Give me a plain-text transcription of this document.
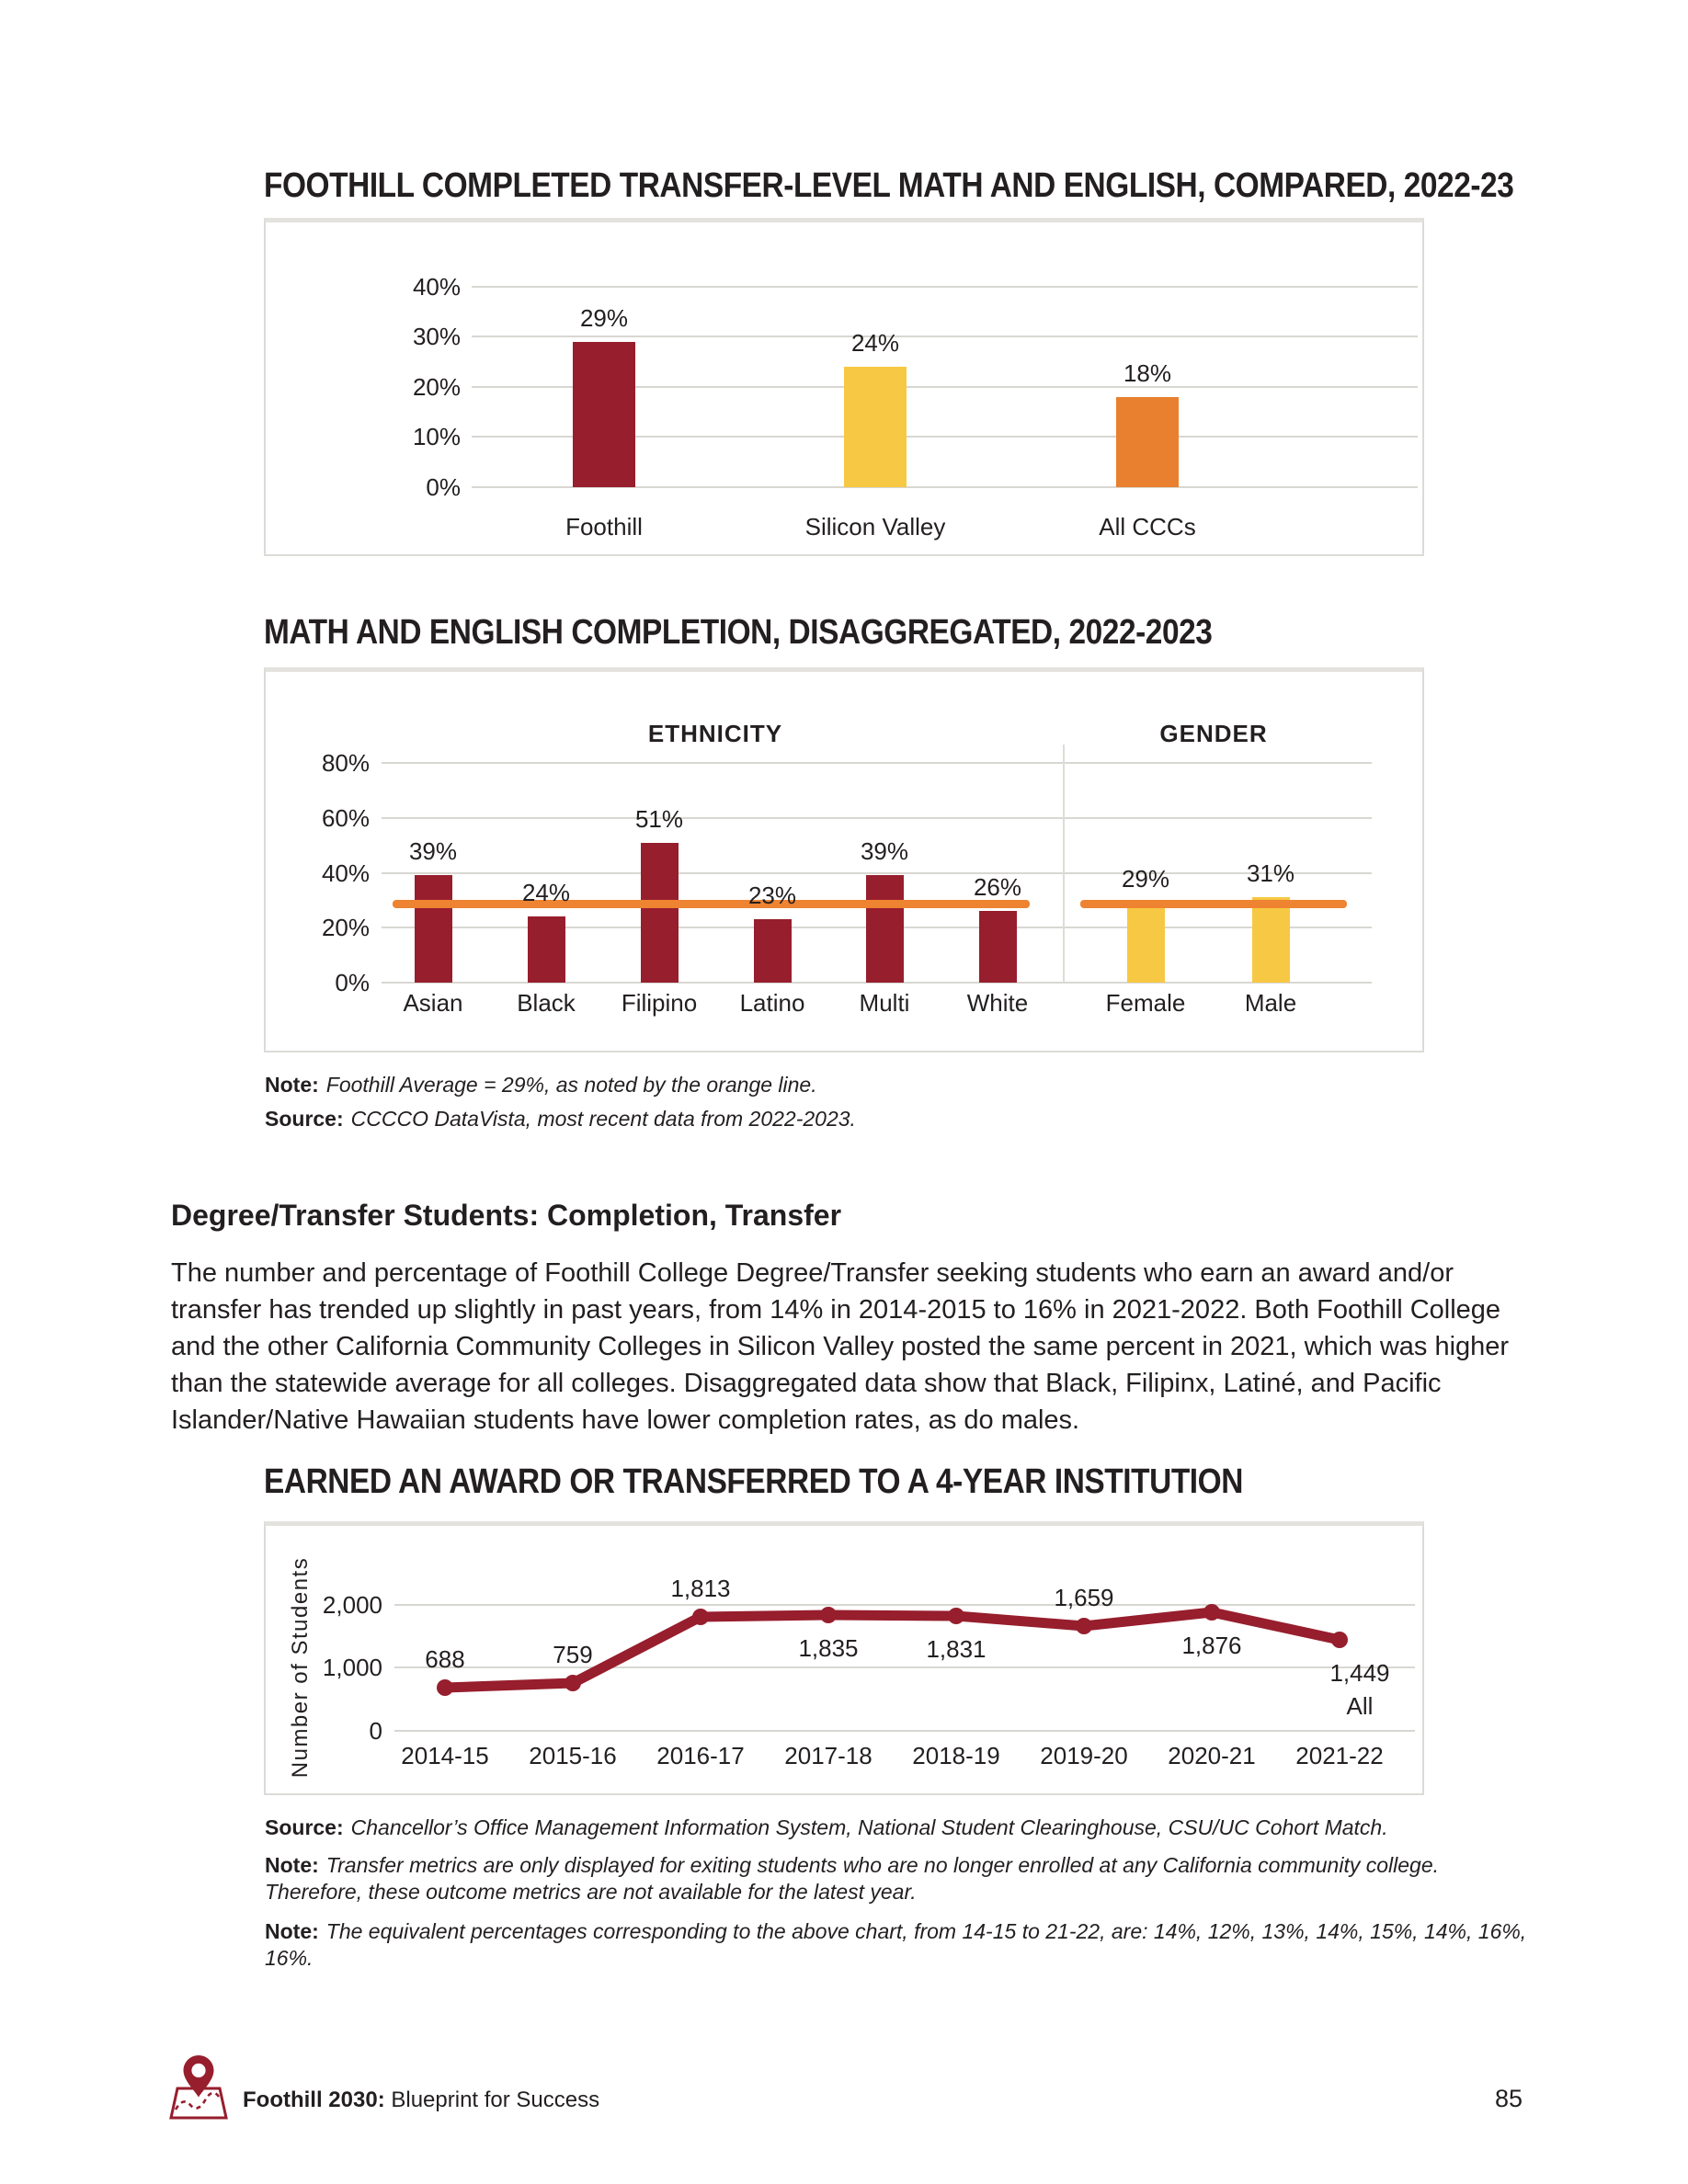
FOOTHILL COMPLETED TRANSFER-LEVEL MATH AND ENGLISH, COMPARED, 2022-23
40%
30%
20%
10%
0%
29%
Foothill
24%
Silicon Valley
18%
All CCCs
MATH AND ENGLISH COMPLETION, DISAGGREGATED, 2022-2023
80%
60%
40%
20%
0%
ETHNICITY
39%
Asian
24%
Black
51%
Filipino
23%
Latino
39%
Multi
26%
White
GENDER
29%
Female
31%
Male
Note: Foothill Average = 29%, as noted by the orange line.
Source: CCCCO DataVista, most recent data from 2022-2023.
Degree/Transfer Students: Completion, Transfer
The number and percentage of Foothill College Degree/Transfer seeking students who earn an award and/or transfer has trended up slightly in past years, from 14% in 2014-2015 to 16% in 2021-2022. Both Foothill College and the other California Community Colleges in Silicon Valley posted the same percent in 2021, which was higher than the statewide average for all colleges. Disaggregated data show that Black, Filipinx, Latiné, and Pacific Islander/Native Hawaiian students have lower completion rates, as do males.
EARNED AN AWARD OR TRANSFERRED TO A 4-YEAR INSTITUTION
2,000
1,000
0
Number of Students	688
2014-15
759
2015-16
1,813
2016-17
1,835
2017-18
1,831
2018-19
1,659
2019-20
1,876
2020-21
1,449
All
2021-22
Source: Chancellor’s Office Management Information System, National Student Clearinghouse, CSU/UC Cohort Match.
Note: Transfer metrics are only displayed for exiting students who are no longer enrolled at any California community college. Therefore, these outcome metrics are not available for the latest year.
Note: The equivalent percentages corresponding to the above chart, from 14-15 to 21-22, are: 14%, 12%, 13%, 14%, 15%, 14%, 16%, 16%.
Foothill 2030: Blueprint for Success	85
